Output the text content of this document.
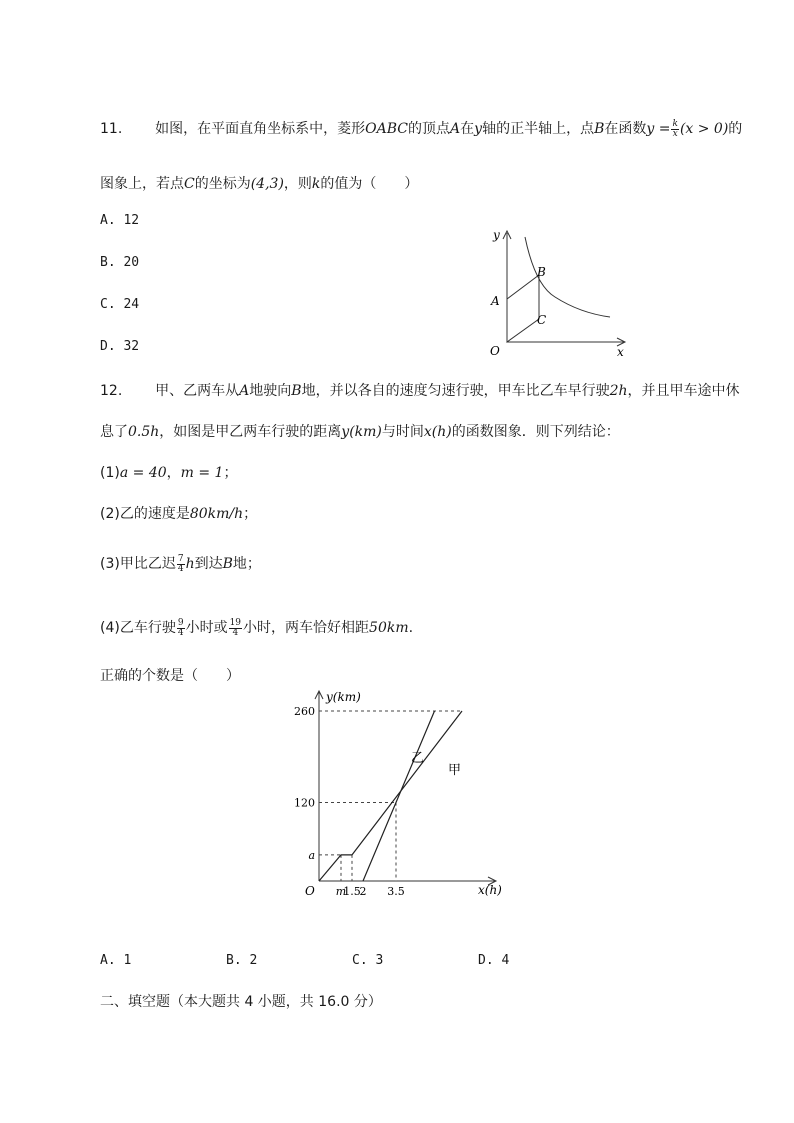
11. 如图，在平面直角坐标系中，菱形OABC的顶点A在y轴的正半轴上，点B在函数$y = \frac{k}{x} (x > 0)$的
图象上，若点C的坐标为(4,3)，则k的值为（　　）
A. 12
B. 20
C. 24
D. 32
y
x
O
A
B
C
12. 甲、乙两车从A地驶向B地，并以各自的速度匀速行驶，甲车比乙车早行驶2h，并且甲车途中休
息了0.5h，如图是甲乙两车行驶的距离y(km)与时间x(h)的函数图象．则下列结论：
(1)a = 40，m = 1；
(2)乙的速度是80km/h；
(3)甲比乙迟 $\frac{7}{4}$ h到达B地；
(4)乙车行驶 $\frac{9}{4}$ 小时或 $\frac{19}{4}$ 小时，两车恰好相距50km.
正确的个数是（　　）
m
1.5
2 3.5
a
120
260
y(km)
x(h)
O
乙
甲
A. 1	B. 2	C. 3	D. 4
二、填空题（本大题共 4 小题，共 16.0 分）
